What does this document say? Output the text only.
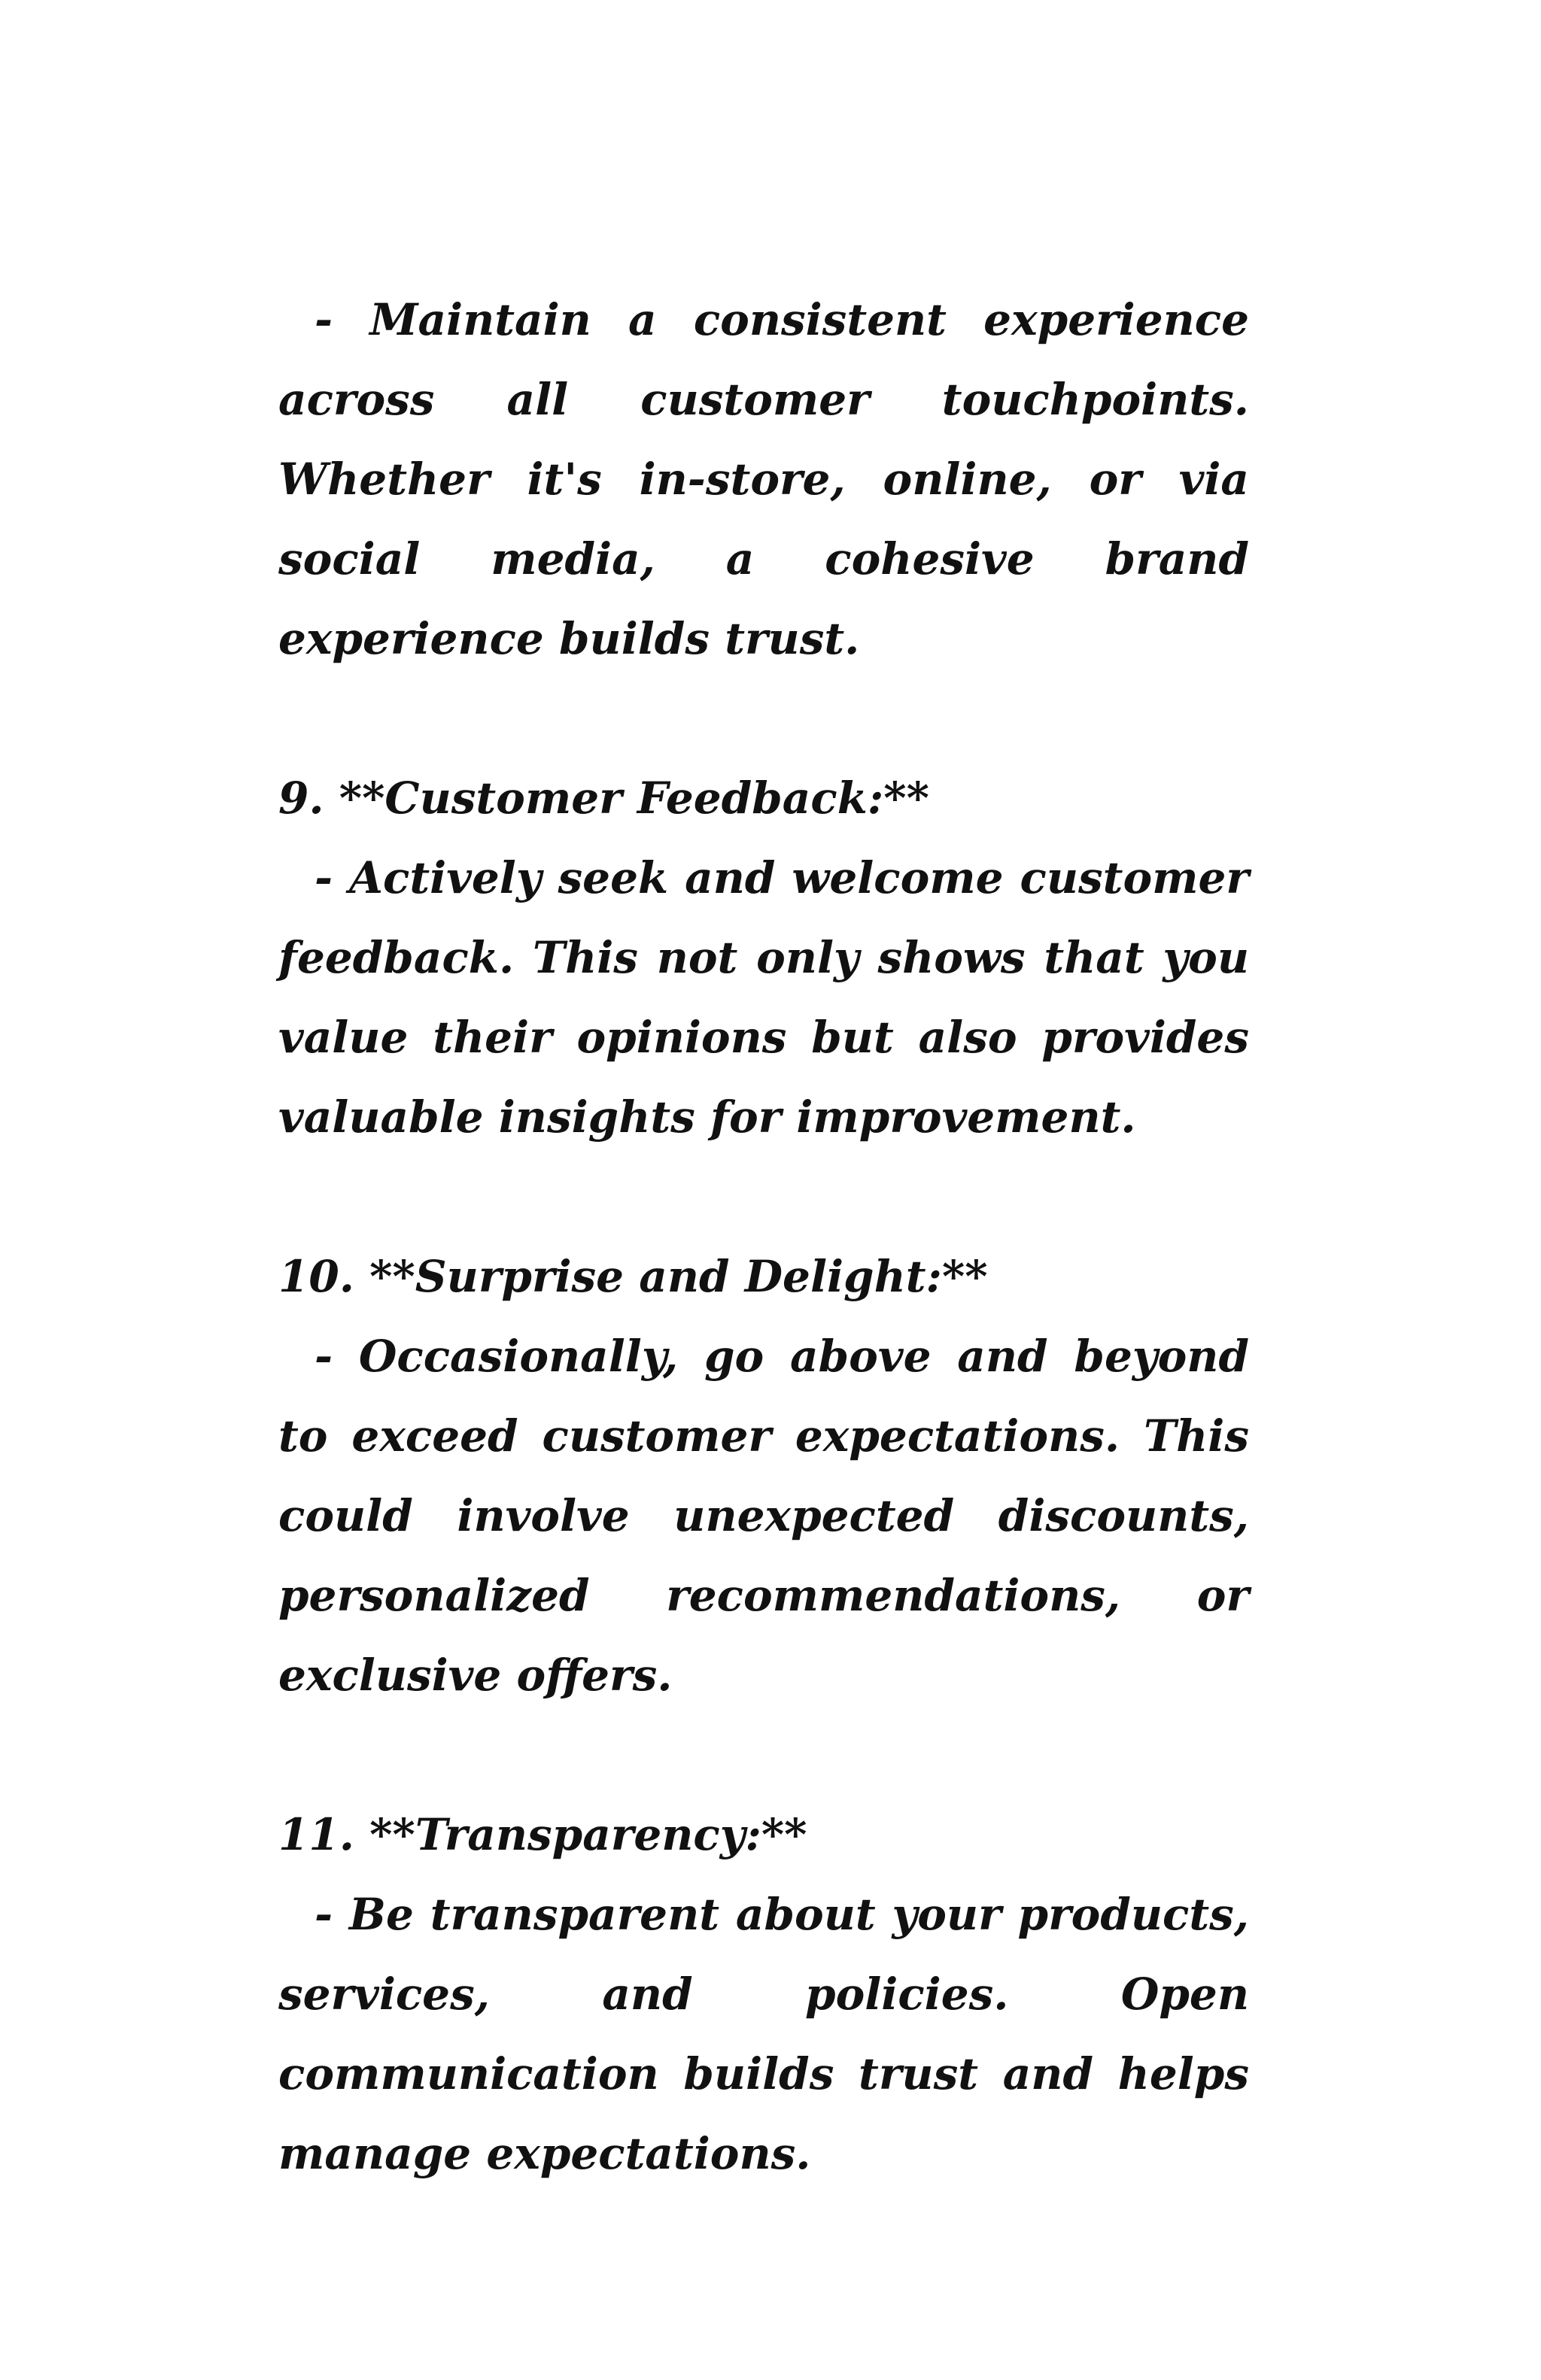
- Maintain a consistent experience across all customer touchpoints. Whether it's in-store, online, or via social media, a cohesive brand experience builds trust.

9. **Customer Feedback:**

- Actively seek and welcome customer feedback. This not only shows that you value their opinions but also provides valuable insights for improvement.

10. **Surprise and Delight:**

- Occasionally, go above and beyond to exceed customer expectations. This could involve unexpected discounts, personalized recommendations, or exclusive offers.

11. **Transparency:**

- Be transparent about your products, services, and policies. Open communication builds trust and helps manage expectations.
